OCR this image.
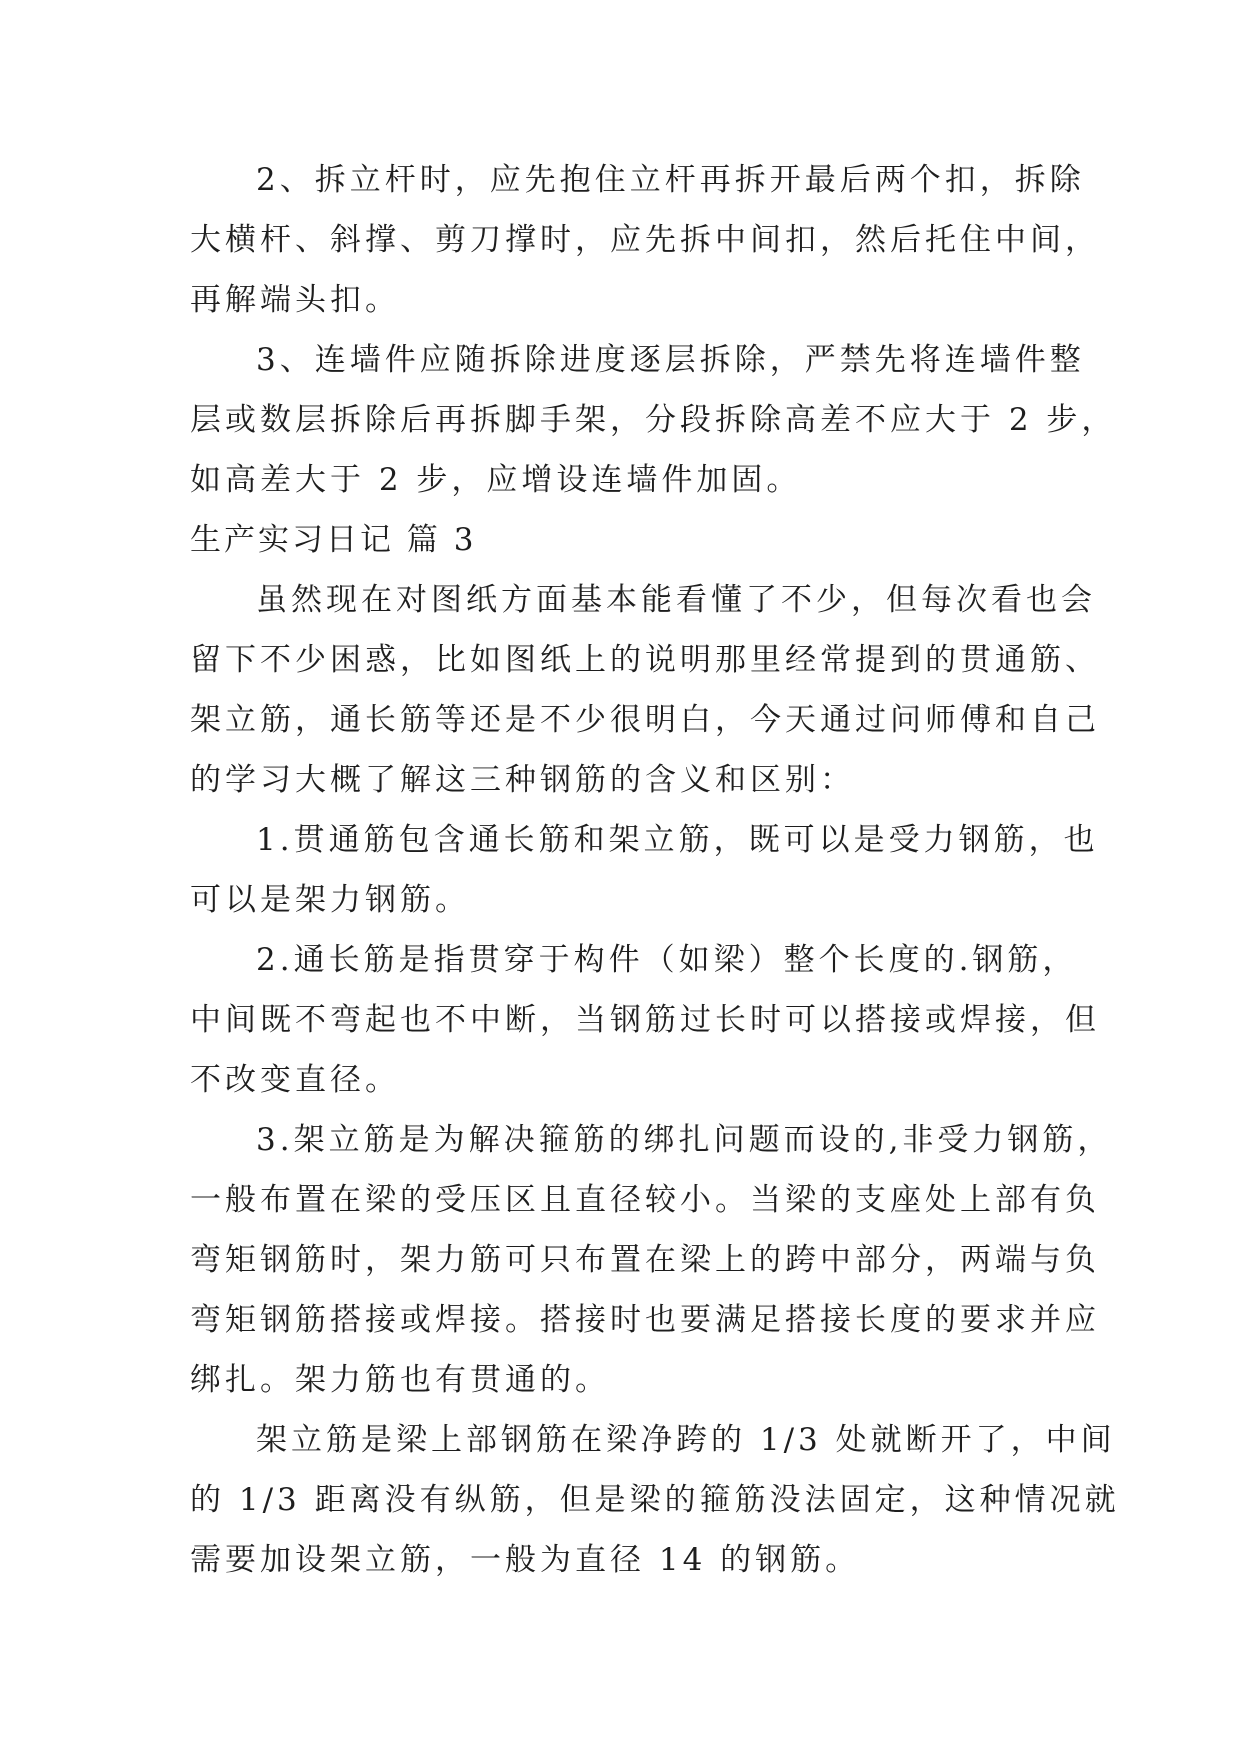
2、拆立杆时，应先抱住立杆再拆开最后两个扣，拆除
大横杆、斜撑、剪刀撑时，应先拆中间扣，然后托住中间，
再解端头扣。
3、连墙件应随拆除进度逐层拆除，严禁先将连墙件整
层或数层拆除后再拆脚手架，分段拆除高差不应大于 2 步，
如高差大于 2 步，应增设连墙件加固。
生产实习日记 篇 3
虽然现在对图纸方面基本能看懂了不少，但每次看也会
留下不少困惑，比如图纸上的说明那里经常提到的贯通筋、
架立筋，通长筋等还是不少很明白，今天通过问师傅和自己
的学习大概了解这三种钢筋的含义和区别：
1.贯通筋包含通长筋和架立筋，既可以是受力钢筋，也
可以是架力钢筋。
2.通长筋是指贯穿于构件（如梁）整个长度的.钢筋，
中间既不弯起也不中断，当钢筋过长时可以搭接或焊接，但
不改变直径。
3.架立筋是为解决箍筋的绑扎问题而设的,非受力钢筋，
一般布置在梁的受压区且直径较小。当梁的支座处上部有负
弯矩钢筋时，架力筋可只布置在梁上的跨中部分，两端与负
弯矩钢筋搭接或焊接。搭接时也要满足搭接长度的要求并应
绑扎。架力筋也有贯通的。
架立筋是梁上部钢筋在梁净跨的 1/3 处就断开了，中间
的 1/3 距离没有纵筋，但是梁的箍筋没法固定，这种情况就
需要加设架立筋，一般为直径 14 的钢筋。
